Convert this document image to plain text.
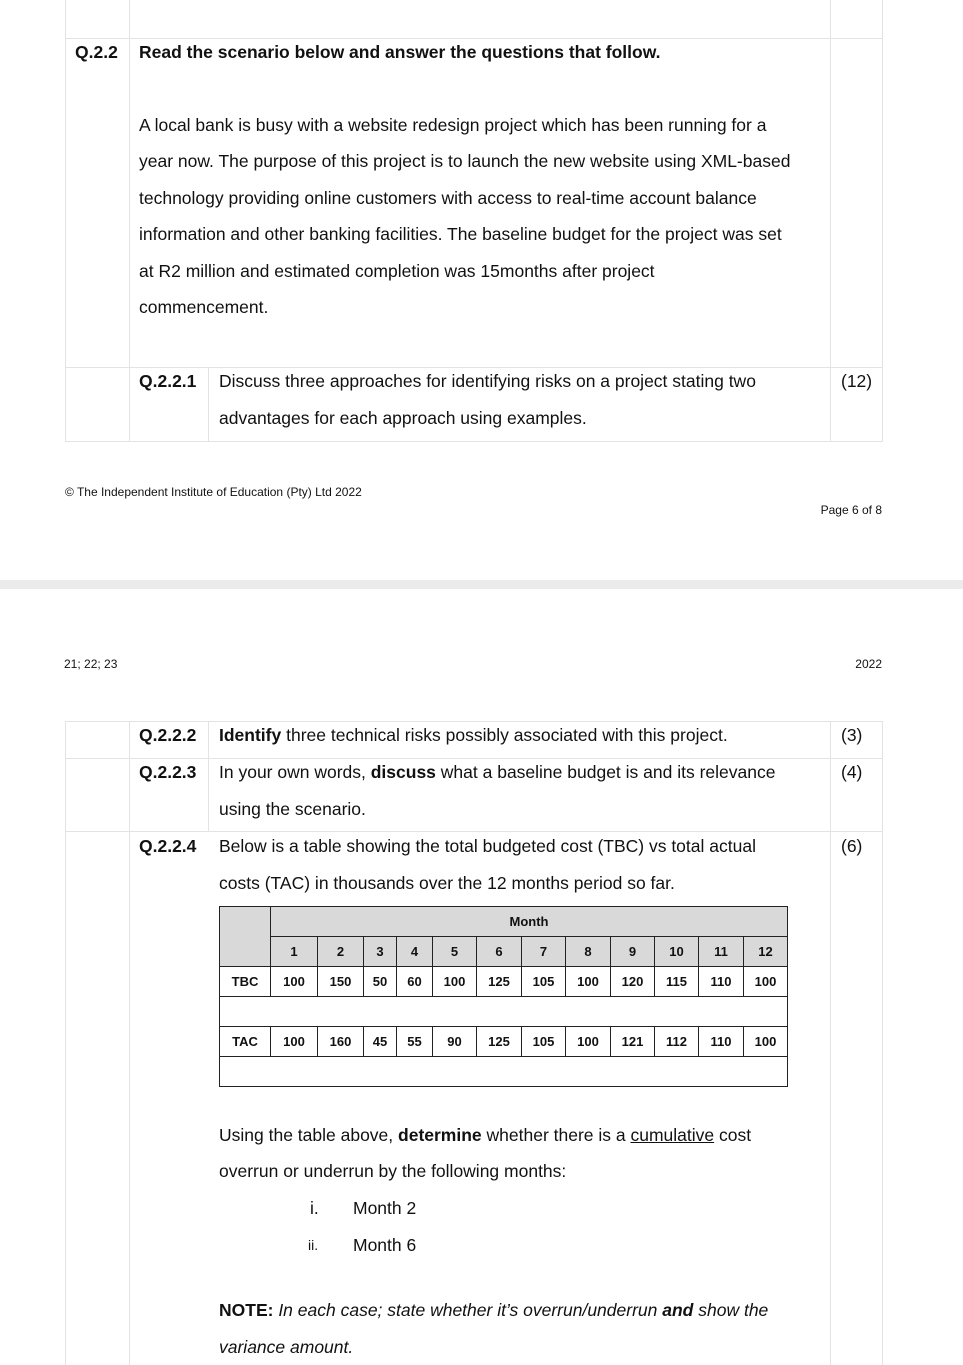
Q.2.2 Read the scenario below and answer the questions that follow.
A local bank is busy with a website redesign project which has been running for a
year now. The purpose of this project is to launch the new website using XML-based
technology providing online customers with access to real-time account balance
information and other banking facilities. The baseline budget for the project was set
at R2 million and estimated completion was 15months after project
commencement.
Q.2.2.1 Discuss three approaches for identifying risks on a project stating two
advantages for each approach using examples.
(12)
© The Independent Institute of Education (Pty) Ltd 2022
Page 6 of 8
21; 22; 23	2022
Q.2.2.2 Identify three technical risks possibly associated with this project.	(3)
Q.2.2.3 In your own words, discuss what a baseline budget is and its relevance
using the scenario.
(4)
Q.2.2.4 Below is a table showing the total budgeted cost (TBC) vs total actual
costs (TAC) in thousands over the 12 months period so far.
(6)
	Month											
	1	2	3	4	5	6	7	8	9	10	11	12
TBC	100	150	50	60	100	125	105	100	120	115	110	100

TAC	100	160	45	55	90	125	105	100	121	112	110	100

Using the table above, determine whether there is a cumulative cost
overrun or underrun by the following months:
i. Month 2
ii. Month 6
NOTE: In each case; state whether it’s overrun/underrun and show the
variance amount.
